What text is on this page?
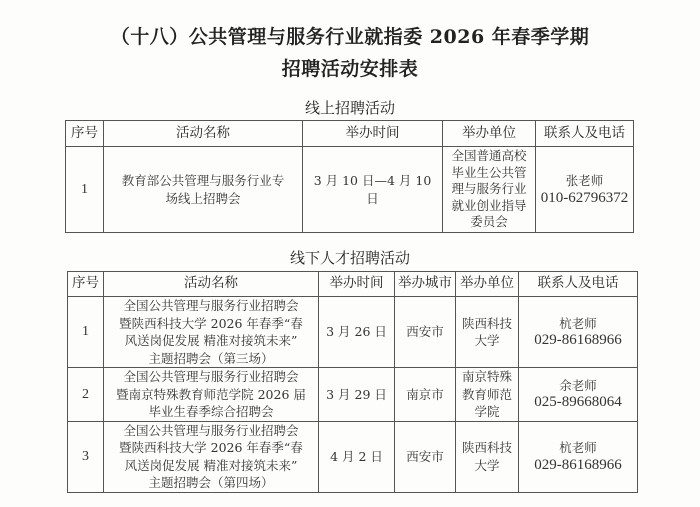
（十八）公共管理与服务行业就指委 2026 年春季学期
招聘活动安排表
线上招聘活动
序号	活动名称	举办时间	举办单位	联系人及电话
1	教育部公共管理与服务行业专
场线上招聘会	3 月 10 日—4 月 10 日	全国普通高校
毕业生公共管
理与服务行业
就业创业指导
委员会	张老师
010-62796372
线下人才招聘活动
序号	活动名称	举办时间	举办城市	举办单位	联系人及电话
1	全国公共管理与服务行业招聘会
暨陕西科技大学 2026 年春季“春
风送岗促发展 精准对接筑未来”
主题招聘会（第三场）	3 月 26 日	西安市	陕西科技
大学	杭老师
029-86168966

2	全国公共管理与服务行业招聘会
暨南京特殊教育师范学院 2026 届
毕业生春季综合招聘会	3 月 29 日	南京市	南京特殊
教育师范
学院	余老师
025-89668064

3	全国公共管理与服务行业招聘会
暨陕西科技大学 2026 年春季“春
风送岗促发展 精准对接筑未来”
主题招聘会（第四场）	4 月 2 日	西安市	陕西科技
大学	杭老师
029-86168966
